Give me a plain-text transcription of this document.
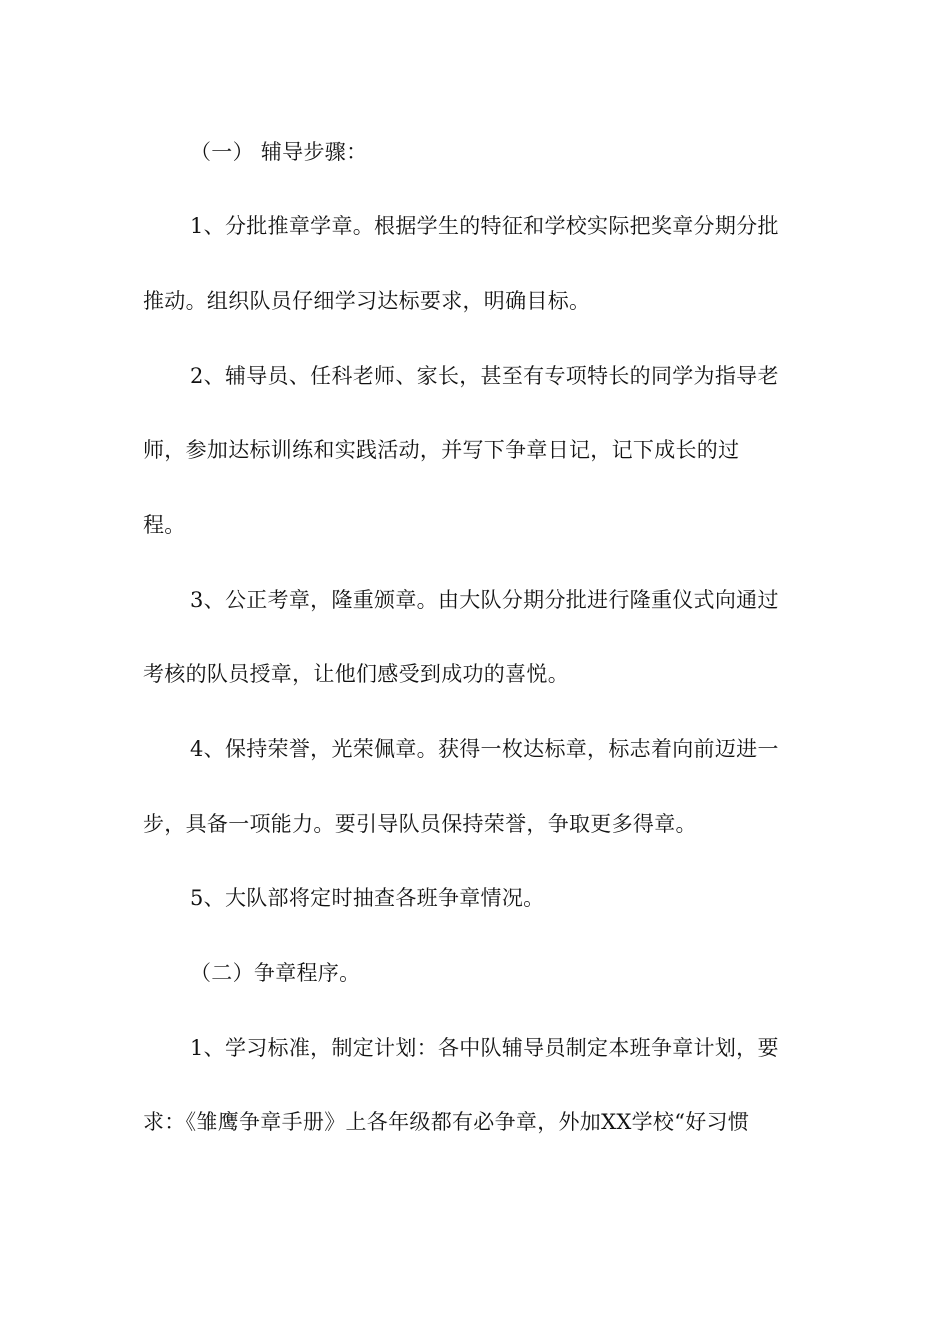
（一） 辅导步骤：
1、分批推章学章。根据学生的特征和学校实际把奖章分期分批
推动。组织队员仔细学习达标要求，明确目标。
2、辅导员、任科老师、家长，甚至有专项特长的同学为指导老
师，参加达标训练和实践活动，并写下争章日记，记下成长的过
程。
3、公正考章，隆重颁章。由大队分期分批进行隆重仪式向通过
考核的队员授章，让他们感受到成功的喜悦。
4、保持荣誉，光荣佩章。获得一枚达标章，标志着向前迈进一
步，具备一项能力。要引导队员保持荣誉，争取更多得章。
5、大队部将定时抽查各班争章情况。
（二）争章程序。
1、学习标准，制定计划：各中队辅导员制定本班争章计划，要
求：《雏鹰争章手册》上各年级都有必争章，外加XX学校“好习惯
